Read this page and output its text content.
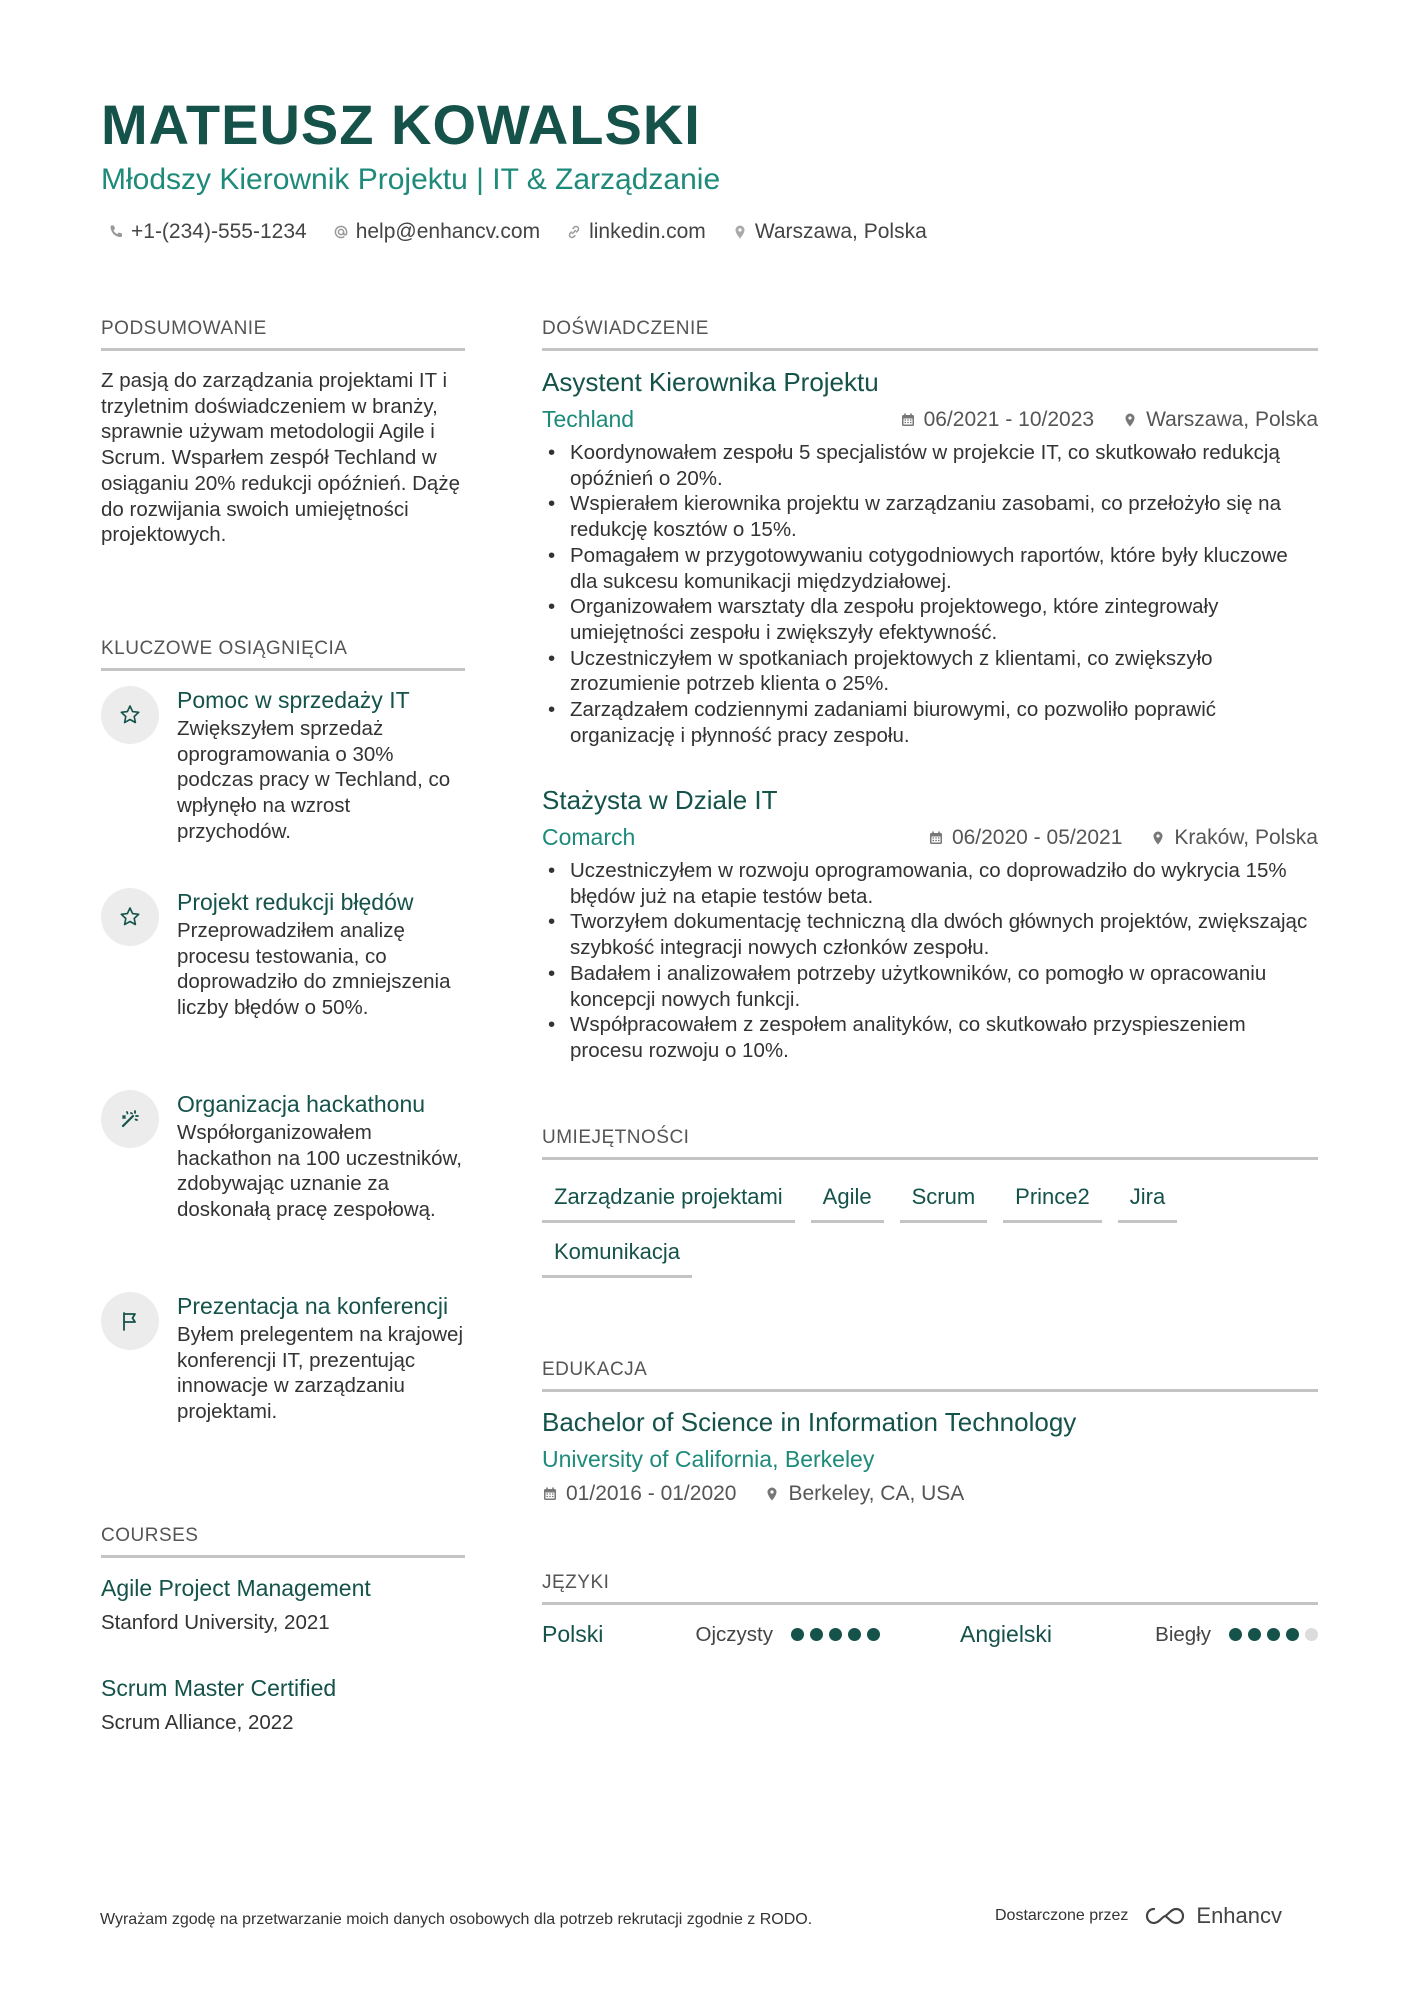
MATEUSZ KOWALSKI
Młodszy Kierownik Projektu | IT & Zarządzanie
+1-(234)-555-1234 help@enhancv.com linkedin.com Warszawa, Polska
PODSUMOWANIE
Z pasją do zarządzania projektami IT i trzyletnim doświadczeniem w branży, sprawnie używam metodologii Agile i Scrum. Wsparłem zespół Techland w osiąganiu 20% redukcji opóźnień. Dążę do rozwijania swoich umiejętności projektowych.
KLUCZOWE OSIĄGNIĘCIA
Pomoc w sprzedaży IT
Zwiększyłem sprzedaż oprogramowania o 30% podczas pracy w Techland, co wpłynęło na wzrost przychodów.
Projekt redukcji błędów
Przeprowadziłem analizę procesu testowania, co doprowadziło do zmniejszenia liczby błędów o 50%.
Organizacja hackathonu
Współorganizowałem hackathon na 100 uczestników, zdobywając uznanie za doskonałą pracę zespołową.
Prezentacja na konferencji
Byłem prelegentem na krajowej konferencji IT, prezentując innowacje w zarządzaniu projektami.
COURSES
Agile Project Management
Stanford University, 2021
Scrum Master Certified
Scrum Alliance, 2022
DOŚWIADCZENIE
Asystent Kierownika Projektu
Techland	06/2021 - 10/2023 Warszawa, Polska
• Koordynowałem zespołu 5 specjalistów w projekcie IT, co skutkowało redukcją opóźnień o 20%.
• Wspierałem kierownika projektu w zarządzaniu zasobami, co przełożyło się na redukcję kosztów o 15%.
• Pomagałem w przygotowywaniu cotygodniowych raportów, które były kluczowe dla sukcesu komunikacji międzydziałowej.
• Organizowałem warsztaty dla zespołu projektowego, które zintegrowały umiejętności zespołu i zwiększyły efektywność.
• Uczestniczyłem w spotkaniach projektowych z klientami, co zwiększyło zrozumienie potrzeb klienta o 25%.
• Zarządzałem codziennymi zadaniami biurowymi, co pozwoliło poprawić organizację i płynność pracy zespołu.
Stażysta w Dziale IT
Comarch	06/2020 - 05/2021 Kraków, Polska
• Uczestniczyłem w rozwoju oprogramowania, co doprowadziło do wykrycia 15% błędów już na etapie testów beta.
• Tworzyłem dokumentację techniczną dla dwóch głównych projektów, zwiększając szybkość integracji nowych członków zespołu.
• Badałem i analizowałem potrzeby użytkowników, co pomogło w opracowaniu koncepcji nowych funkcji.
• Współpracowałem z zespołem analityków, co skutkowało przyspieszeniem procesu rozwoju o 10%.
UMIEJĘTNOŚCI
Zarządzanie projektami	Agile	Scrum	Prince2	Jira
Komunikacja
EDUKACJA
Bachelor of Science in Information Technology
University of California, Berkeley
01/2016 - 01/2020 Berkeley, CA, USA
JĘZYKI
Polski	Ojczysty	Angielski	Biegły
Wyrażam zgodę na przetwarzanie moich danych osobowych dla potrzeb rekrutacji zgodnie z RODO.	Dostarczone przez	Enhancv
